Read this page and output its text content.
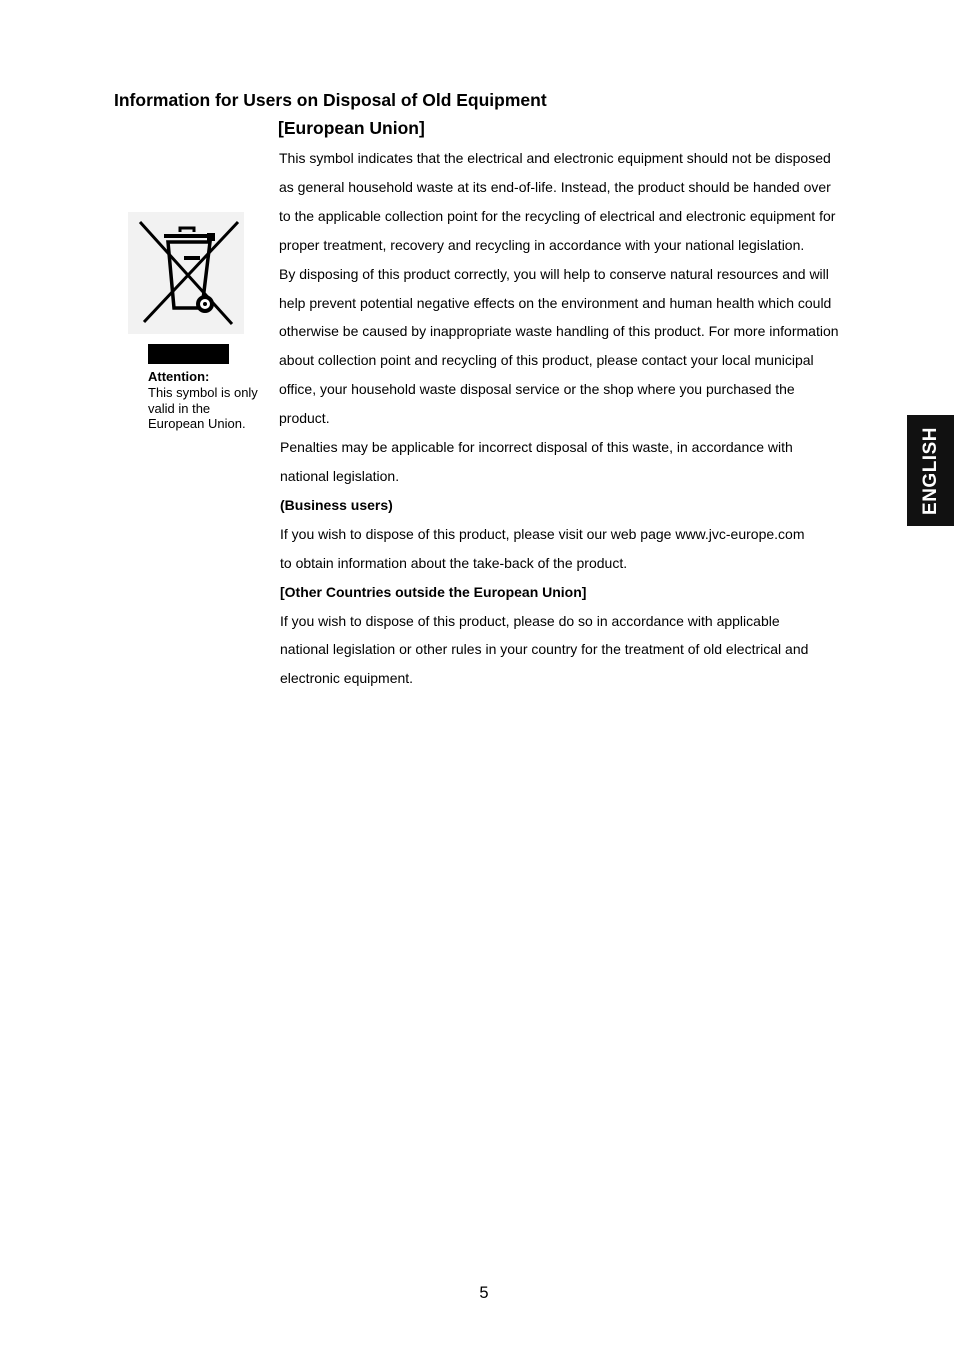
Information for Users on Disposal of Old Equipment
[European Union]
Attention:
This symbol is only valid in the European Union.

This symbol indicates that the electrical and electronic equipment should not be disposed

as general household waste at its end-of-life. Instead, the product should be handed over

to the applicable collection point for the recycling of electrical and electronic equipment for

proper treatment, recovery and recycling in accordance with your national legislation.

By disposing of this product correctly, you will help to conserve natural resources and will

help prevent potential negative effects on the environment and human health which could

otherwise be caused by inappropriate waste handling of this product. For more information

about collection point and recycling of this product, please contact your local municipal

office, your household waste disposal service or the shop where you purchased the

product.

Penalties may be applicable for incorrect disposal of this waste, in accordance with

national legislation.

(Business users)

If you wish to dispose of this product, please visit our web page www.jvc-europe.com

to obtain information about the take-back of the product.

[Other Countries outside the European Union]

If you wish to dispose of this product, please do so in accordance with applicable

national legislation or other rules in your country for the treatment of old electrical and

electronic equipment.

ENGLISH
5
